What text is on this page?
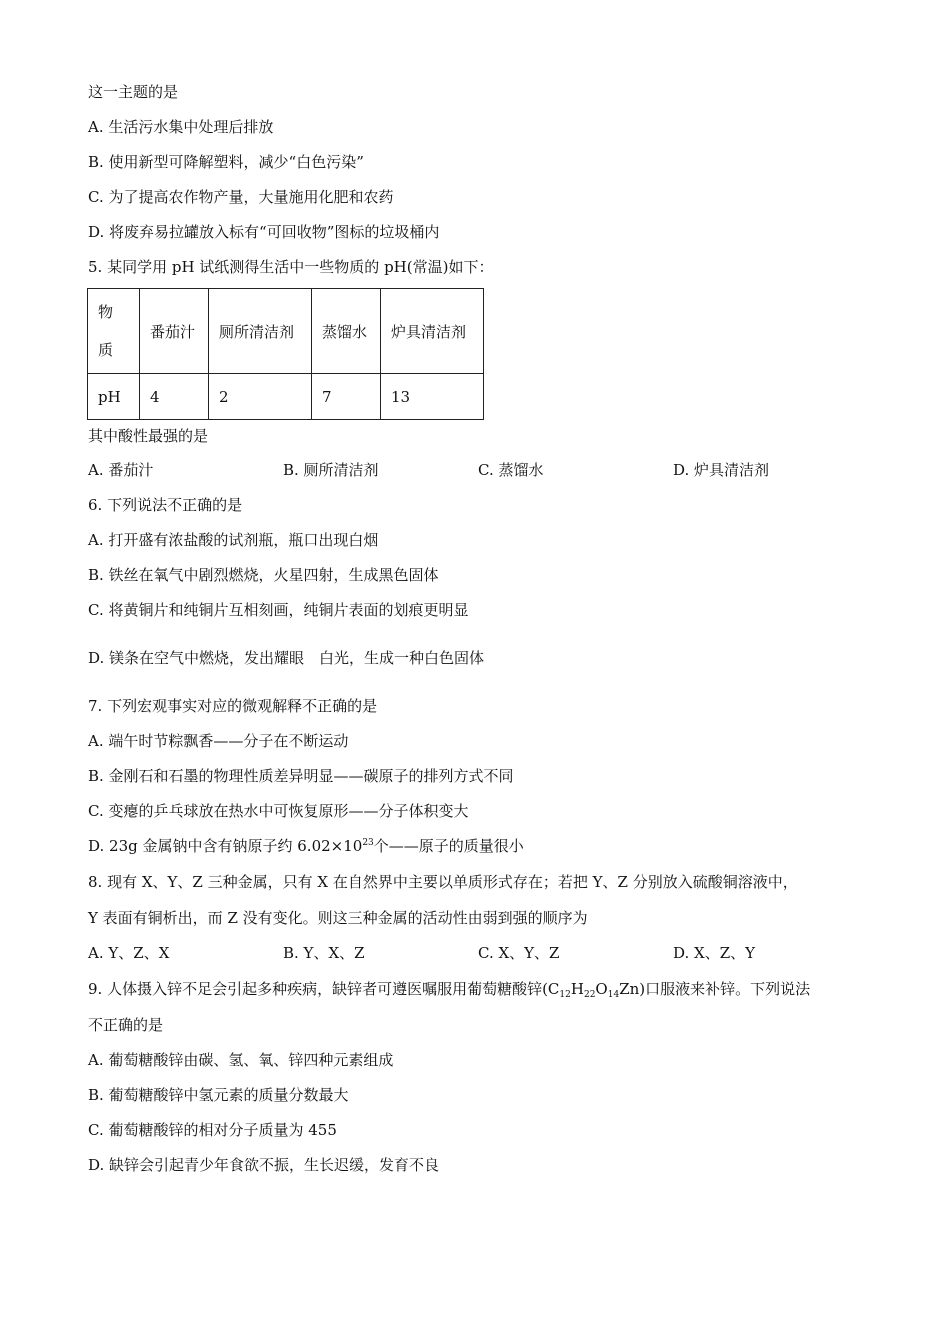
这一主题的是
A. 生活污水集中处理后排放
B. 使用新型可降解塑料，减少“白色污染”
C. 为了提高农作物产量，大量施用化肥和农药
D. 将废弃易拉罐放入标有“可回收物”图标的垃圾桶内
5. 某同学用 pH 试纸测得生活中一些物质的 pH(常温)如下：
物
质	番茄汁	厕所清洁剂	蒸馏水	炉具清洁剂
pH	4	2	7	13
其中酸性最强的是
A. 番茄汁	B. 厕所清洁剂	C. 蒸馏水	D. 炉具清洁剂
6. 下列说法不正确的是
A. 打开盛有浓盐酸的试剂瓶，瓶口出现白烟
B. 铁丝在氧气中剧烈燃烧，火星四射，生成黑色固体
C. 将黄铜片和纯铜片互相刻画，纯铜片表面的划痕更明显
D. 镁条在空气中燃烧，发出耀眼　白光，生成一种白色固体
7. 下列宏观事实对应的微观解释不正确的是
A. 端午时节粽飘香——分子在不断运动
B. 金刚石和石墨的物理性质差异明显——碳原子的排列方式不同
C. 变瘪的乒乓球放在热水中可恢复原形——分子体积变大
D. 23g 金属钠中含有钠原子约 $6.02\times 10^{23}$个——原子的质量很小
8. 现有 X、Y、Z 三种金属，只有 X 在自然界中主要以单质形式存在；若把 Y、Z 分别放入硫酸铜溶液中，
Y 表面有铜析出，而 Z 没有变化。则这三种金属的活动性由弱到强的顺序为
A. Y、Z、X	B. Y、X、Z	C. X、Y、Z	D. X、Z、Y
9. 人体摄入锌不足会引起多种疾病，缺锌者可遵医嘱服用葡萄糖酸锌$(C_{12}H_{22}O_{14}Zn)$口服液来补锌。下列说法
不正确的是
A. 葡萄糖酸锌由碳、氢、氧、锌四种元素组成
B. 葡萄糖酸锌中氢元素的质量分数最大
C. 葡萄糖酸锌的相对分子质量为 455
D. 缺锌会引起青少年食欲不振，生长迟缓，发育不良
